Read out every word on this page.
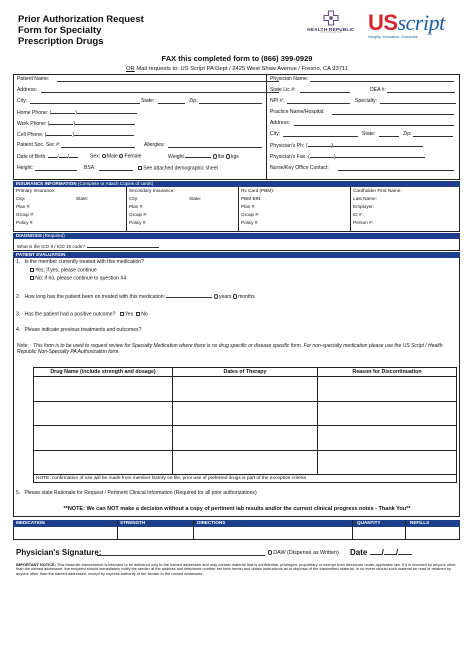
Prior Authorization Request
Form for Specialty
Prescription Drugs
HEALTH REPUBLIC
INSURANCE	USscript
Integrity. Innovation. Outcomes.
FAX this completed form to (866) 399-0929
OR Mail requests to: US Script PA Dept / 2425 West Shaw Avenue / Fresno, CA 93711
Patient Name:
Address:
City:	State:	Zip:
Home Phone: (	)
Work Phone: (	)
Cell Phone: (	)
Patient Soc. Sec #:	Allergies:
Date of Birth: / /	Sex: Male Female	Weight	lbs kgs
Height:	BSA:	See attached demographic sheet
Physician Name:
State Lic #:	DEA #:
NPI #:	Specialty:
Practice Name/Hospital:
Address:
City:	State:	Zip:
Physician's Ph: (	)
Physician's Fax: (	)
Nurse/Key Office Contact:
INSURANCE INFORMATION (Complete or Attach Copies of cards)
Primary Insurance:
City:	State:
Plan #:
Group #:
Policy #:
Secondary Insurance:
City:	State:
Plan #:
Group #:
Policy #:
Rx Card (PBM):
PBM BIN:
Plan #:
Group #:
Policy #:
Cardholder First Name:
Last Name:
Employer:
ID #:
Person #:
DIAGNOSIS (Required)
What is the ICD 9 / ICD 10 code?
PATIENT EVALUATION
1. Is the member currently treated with this medication?
Yes; if yes, please continue
No; if no, please continue to question #4
2. How long has the patient been on treated with this medication:	years months
3. Has the patient had a positive outcome? Yes No
4. Please indicate previous treatments and outcomes?
Note: This form is to be used to request review for Specialty Medication where there is no drug specific or disease specific form. For non-specialty medication please use the US Script / Health Republic Non-Specialty PA Authorization form.
Drug Name (include strength and dosage)	Dates of Therapy	Reason for Discontinuation

NOTE: confirmation of use will be made from member history on file; prior use of preferred drugs is part of the exception criteria		
5. Please state Rationale for Request / Pertinent Clinical Information (Required for all prior authorizations)
**NOTE: We can NOT make a decision without a copy of pertinent lab results and/or the current clinical progress notes - Thank You**
MEDICATION	STRENGTH	DIRECTIONS	QUANTITY	REFILLS
Physician's Signature:	DAW (Dispense as Written) Date / /
IMPORTANT NOTICE: This facsimile transmission is intended to be delivered only to the named addressee and may contain material that is confidential, privileged, proprietary or exempt from disclosure under applicable law. If it is received by anyone other than the named addressee, the recipient should immediately notify the sender at the address and telephone number set forth herein and obtain instructions as to disposal of the transmitted material. In no event should such material be read or retained by anyone other than the named addressee, except by express authority of the sender to the named addressee.
